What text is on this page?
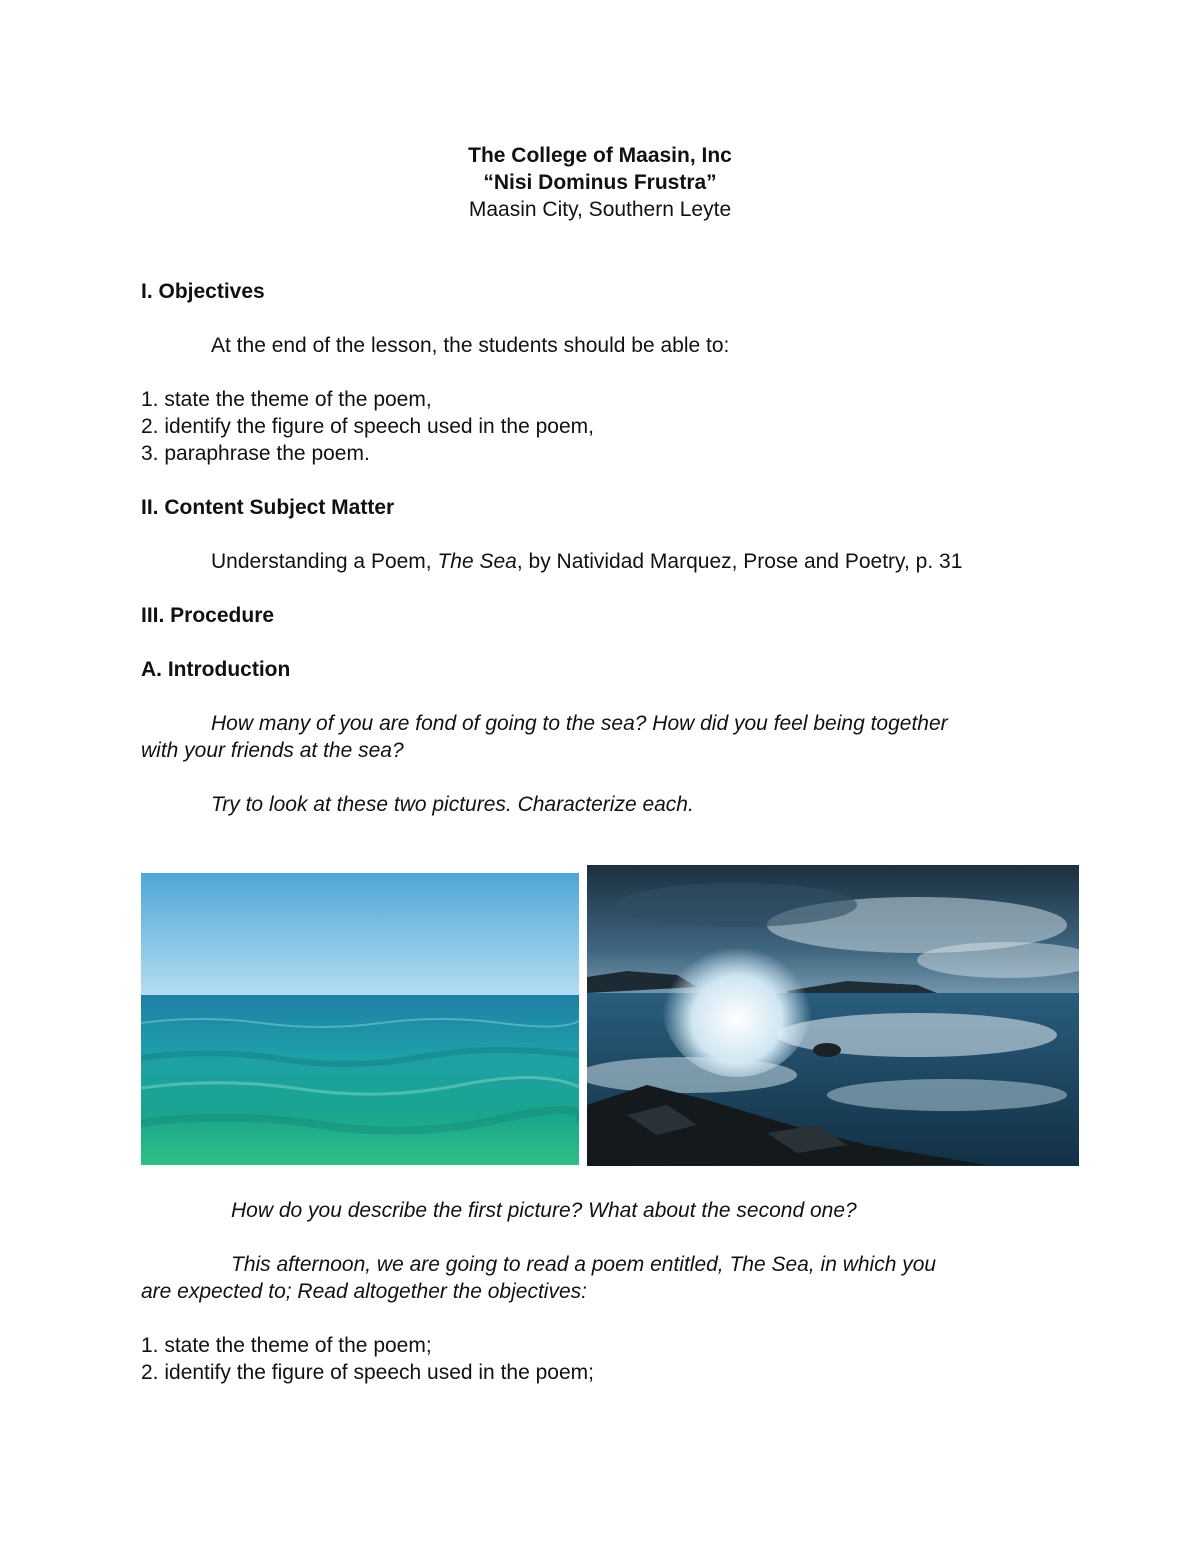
The College of Maasin, Inc
“Nisi Dominus Frustra”
Maasin City, Southern Leyte
I. Objectives
At the end of the lesson, the students should be able to:
1. state the theme of the poem,
2. identify the figure of speech used in the poem,
3. paraphrase the poem.
II. Content Subject Matter
Understanding a Poem, The Sea, by Natividad Marquez, Prose and Poetry, p. 31
III. Procedure
A. Introduction
How many of you are fond of going to the sea? How did you feel being together
with your friends at the sea?
Try to look at these two pictures. Characterize each.
How do you describe the first picture? What about the second one?
This afternoon, we are going to read a poem entitled, The Sea, in which you
are expected to; Read altogether the objectives:
1. state the theme of the poem;
2. identify the figure of speech used in the poem;
